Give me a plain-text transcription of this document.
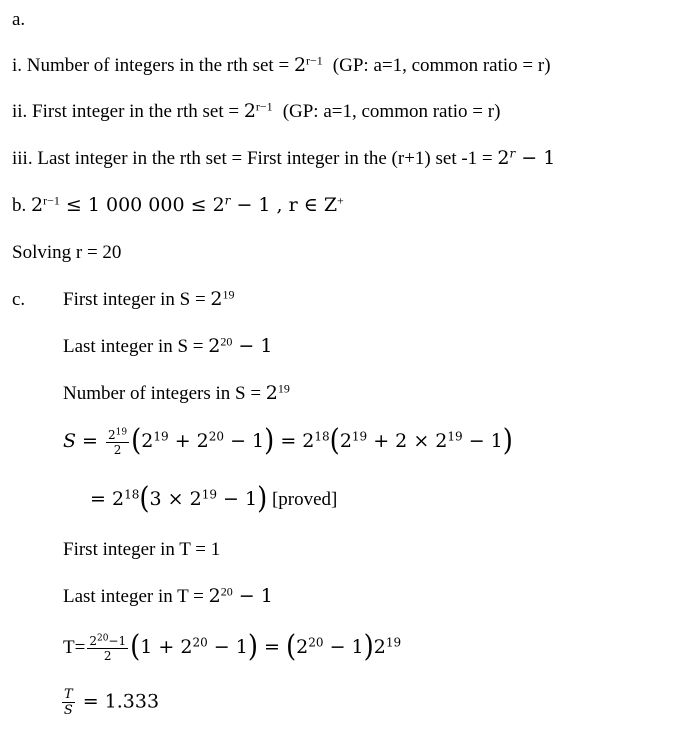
a.
i. Number of integers in the rth set = $2^{r-1}$ (GP: a=1, common ratio = r)
ii. First integer in the rth set = $2^{r-1}$ (GP: a=1, common ratio = r)
iii. Last integer in the rth set = First integer in the (r+1) set $-1 = 2^r - 1$
b. $2^{r-1} \le 1$ 000 $000 \le 2^r - 1$ , r ∈ Z+
Solving r = 20
c. First integer in $S = 2^{19}$
Last integer in $S = 2^{20} - 1$
Number of integers in $S = 2^{19}$
$S = \frac{2^{19}}{2} (2^{19} + 2^{20} - 1) = 2^{18}(2^{19} + 2 \times 2^{19} - 1)$
= $2^{18}(3 \times 2^{19} - 1)$ [proved]
First integer in T = 1
Last integer in $T = 2^{20} - 1$
$T= \frac{2^{20}-1}{2} (1 + 2^{20} - 1) = (2^{20} - 1)2^{19}$
$\frac{T}{S} = 1.333$
